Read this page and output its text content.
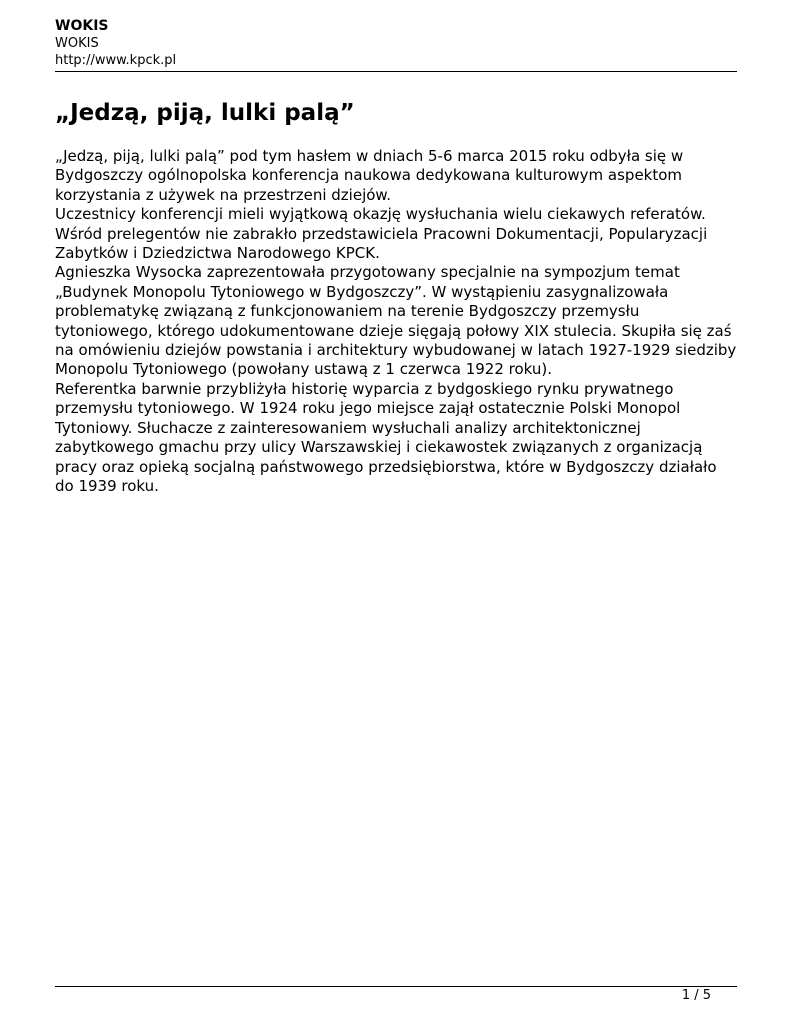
WOKIS

WOKIS

http://www.kpck.pl

„Jedzą, piją, lulki palą”

„Jedzą, piją, lulki palą” pod tym hasłem w dniach 5-6 marca 2015 roku odbyła się w Bydgoszczy ogólnopolska konferencja naukowa dedykowana kulturowym aspektom korzystania z używek na przestrzeni dziejów.

Uczestnicy konferencji mieli wyjątkową okazję wysłuchania wielu ciekawych referatów. Wśród prelegentów nie zabrakło przedstawiciela Pracowni Dokumentacji, Popularyzacji Zabytków i Dziedzictwa Narodowego KPCK.

Agnieszka Wysocka zaprezentowała przygotowany specjalnie na sympozjum temat „Budynek Monopolu Tytoniowego w Bydgoszczy”. W wystąpieniu zasygnalizowała problematykę związaną z funkcjonowaniem na terenie Bydgoszczy przemysłu tytoniowego, którego udokumentowane dzieje sięgają połowy XIX stulecia. Skupiła się zaś na omówieniu dziejów powstania i architektury wybudowanej w latach 1927-1929 siedziby Monopolu Tytoniowego (powołany ustawą z 1 czerwca 1922 roku).

Referentka barwnie przybliżyła historię wyparcia z bydgoskiego rynku prywatnego przemysłu tytoniowego. W 1924 roku jego miejsce zajął ostatecznie Polski Monopol Tytoniowy. Słuchacze z zainteresowaniem wysłuchali analizy architektonicznej zabytkowego gmachu przy ulicy Warszawskiej i ciekawostek związanych z organizacją pracy oraz opieką socjalną państwowego przedsiębiorstwa, które w Bydgoszczy działało do 1939 roku.

1 / 5
